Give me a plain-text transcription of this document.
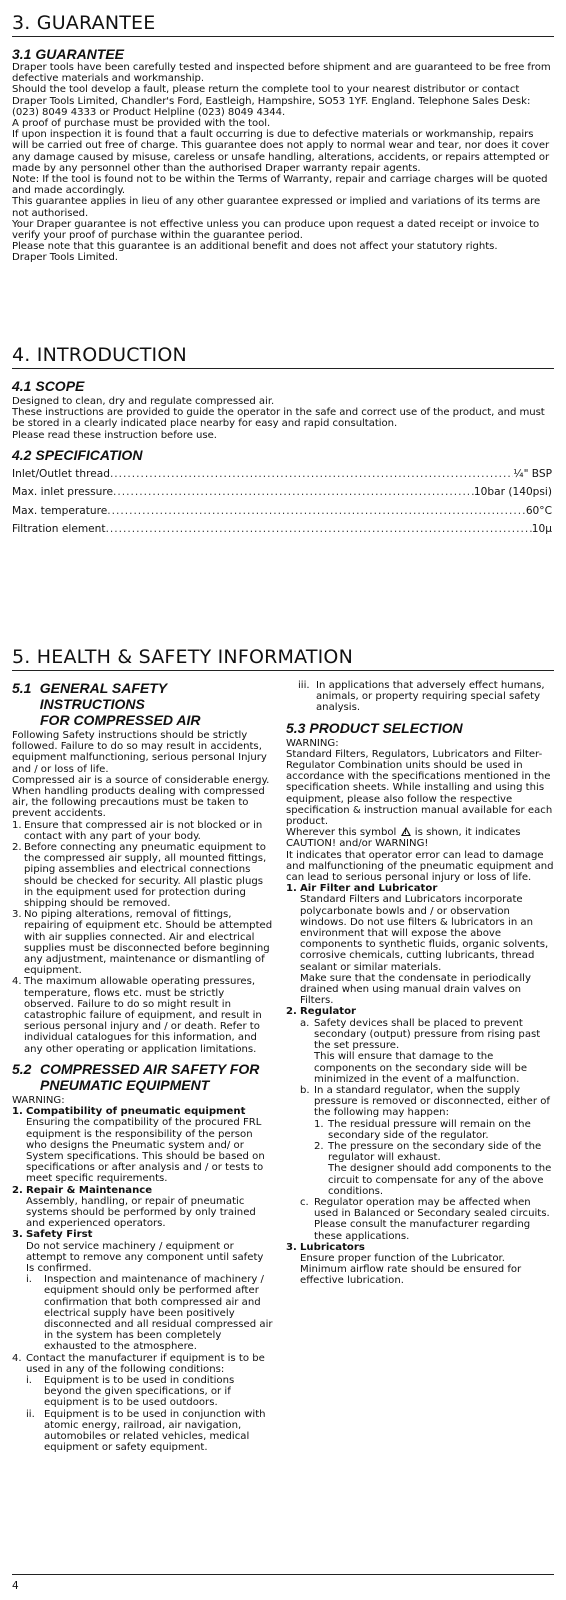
3. GUARANTEE
3.1 GUARANTEE

Draper tools have been carefully tested and inspected before shipment and are guaranteed to be free from defective materials and workmanship.

Should the tool develop a fault, please return the complete tool to your nearest distributor or contact Draper Tools Limited, Chandler's Ford, Eastleigh, Hampshire, SO53 1YF. England. Telephone Sales Desk: (023) 8049 4333 or Product Helpline (023) 8049 4344.

A proof of purchase must be provided with the tool.

If upon inspection it is found that a fault occurring is due to defective materials or workmanship, repairs will be carried out free of charge. This guarantee does not apply to normal wear and tear, nor does it cover any damage caused by misuse, careless or unsafe handling, alterations, accidents, or repairs attempted or made by any personnel other than the authorised Draper warranty repair agents.

Note: If the tool is found not to be within the Terms of Warranty, repair and carriage charges will be quoted and made accordingly.

This guarantee applies in lieu of any other guarantee expressed or implied and variations of its terms are not authorised.

Your Draper guarantee is not effective unless you can produce upon request a dated receipt or invoice to verify your proof of purchase within the guarantee period.

Please note that this guarantee is an additional benefit and does not affect your statutory rights.

Draper Tools Limited.

4. INTRODUCTION
4.1 SCOPE

Designed to clean, dry and regulate compressed air.

These instructions are provided to guide the operator in the safe and correct use of the product, and must be stored in a clearly indicated place nearby for easy and rapid consultation.

Please read these instruction before use.

4.2 SPECIFICATION
Inlet/Outlet thread .....	¼" BSP
Max. inlet pressure .....	10bar (140psi)
Max. temperature .....	60°C
Filtration element .....	10µ
5. HEALTH & SAFETY INFORMATION
5.1 GENERAL SAFETY INSTRUCTIONS
FOR COMPRESSED AIR

Following Safety instructions should be strictly followed. Failure to do so may result in accidents, equipment malfunctioning, serious personal Injury and / or loss of life.

Compressed air is a source of considerable energy. When handling products dealing with compressed air, the following precautions must be taken to prevent accidents.

1. Ensure that compressed air is not blocked or in contact with any part of your body.
2. Before connecting any pneumatic equipment to the compressed air supply, all mounted fittings, piping assemblies and electrical connections should be checked for security. All plastic plugs in the equipment used for protection during shipping should be removed.
3. No piping alterations, removal of fittings, repairing of equipment etc. Should be attempted with air supplies connected. Air and electrical supplies must be disconnected before beginning any adjustment, maintenance or dismantling of equipment.
4. The maximum allowable operating pressures, temperature, flows etc. must be strictly observed. Failure to do so might result in catastrophic failure of equipment, and result in serious personal injury and / or death. Refer to individual catalogues for this information, and any other operating or application limitations.
5.2 COMPRESSED AIR SAFETY FOR
PNEUMATIC EQUIPMENT

WARNING:

1. Compatibility of pneumatic equipment
Ensuring the compatibility of the procured FRL equipment is the responsibility of the person who designs the Pneumatic system and/ or System specifications. This should be based on specifications or after analysis and / or tests to meet specific requirements.
2. Repair & Maintenance
Assembly, handling, or repair of pneumatic systems should be performed by only trained and experienced operators.
3. Safety First
Do not service machinery / equipment or attempt to remove any component until safety Is confirmed.
i.	Inspection and maintenance of machinery / equipment should only be performed after confirmation that both compressed air and electrical supply have been positively disconnected and all residual compressed air in the system has been completely exhausted to the atmosphere.
4. Contact the manufacturer if equipment is to be used in any of the following conditions:
i.	Equipment is to be used in conditions beyond the given specifications, or if equipment is to be used outdoors.
ii. Equipment is to be used in conjunction with atomic energy, railroad, air navigation, automobiles or related vehicles, medical equipment or safety equipment.
iii. In applications that adversely effect humans, animals, or property requiring special safety analysis.
5.3 PRODUCT SELECTION

WARNING:

Standard Filters, Regulators, Lubricators and Filter- Regulator Combination units should be used in accordance with the specifications mentioned in the specification sheets. While installing and using this equipment, please also follow the respective specification & instruction manual available for each product.

Wherever this symbol ! is shown, it indicates CAUTION! and/or WARNING!

It indicates that operator error can lead to damage and malfunctioning of the pneumatic equipment and can lead to serious personal injury or loss of life.

1. Air Filter and Lubricator
Standard Filters and Lubricators incorporate polycarbonate bowls and / or observation windows. Do not use filters & lubricators in an environment that will expose the above components to synthetic fluids, organic solvents, corrosive chemicals, cutting lubricants, thread sealant or similar materials.
Make sure that the condensate in periodically drained when using manual drain valves on Filters.
2. Regulator
a. Safety devices shall be placed to prevent secondary (output) pressure from rising past the set pressure.
This will ensure that damage to the components on the secondary side will be minimized in the event of a malfunction.
b. In a standard regulator, when the supply pressure is removed or disconnected, either of the following may happen:
1. The residual pressure will remain on the secondary side of the regulator.
2. The pressure on the secondary side of the regulator will exhaust.
The designer should add components to the circuit to compensate for any of the above conditions.
c. Regulator operation may be affected when used in Balanced or Secondary sealed circuits. Please consult the manufacturer regarding these applications.
3. Lubricators
Ensure proper function of the Lubricator. Minimum airflow rate should be ensured for effective lubrication.
4
